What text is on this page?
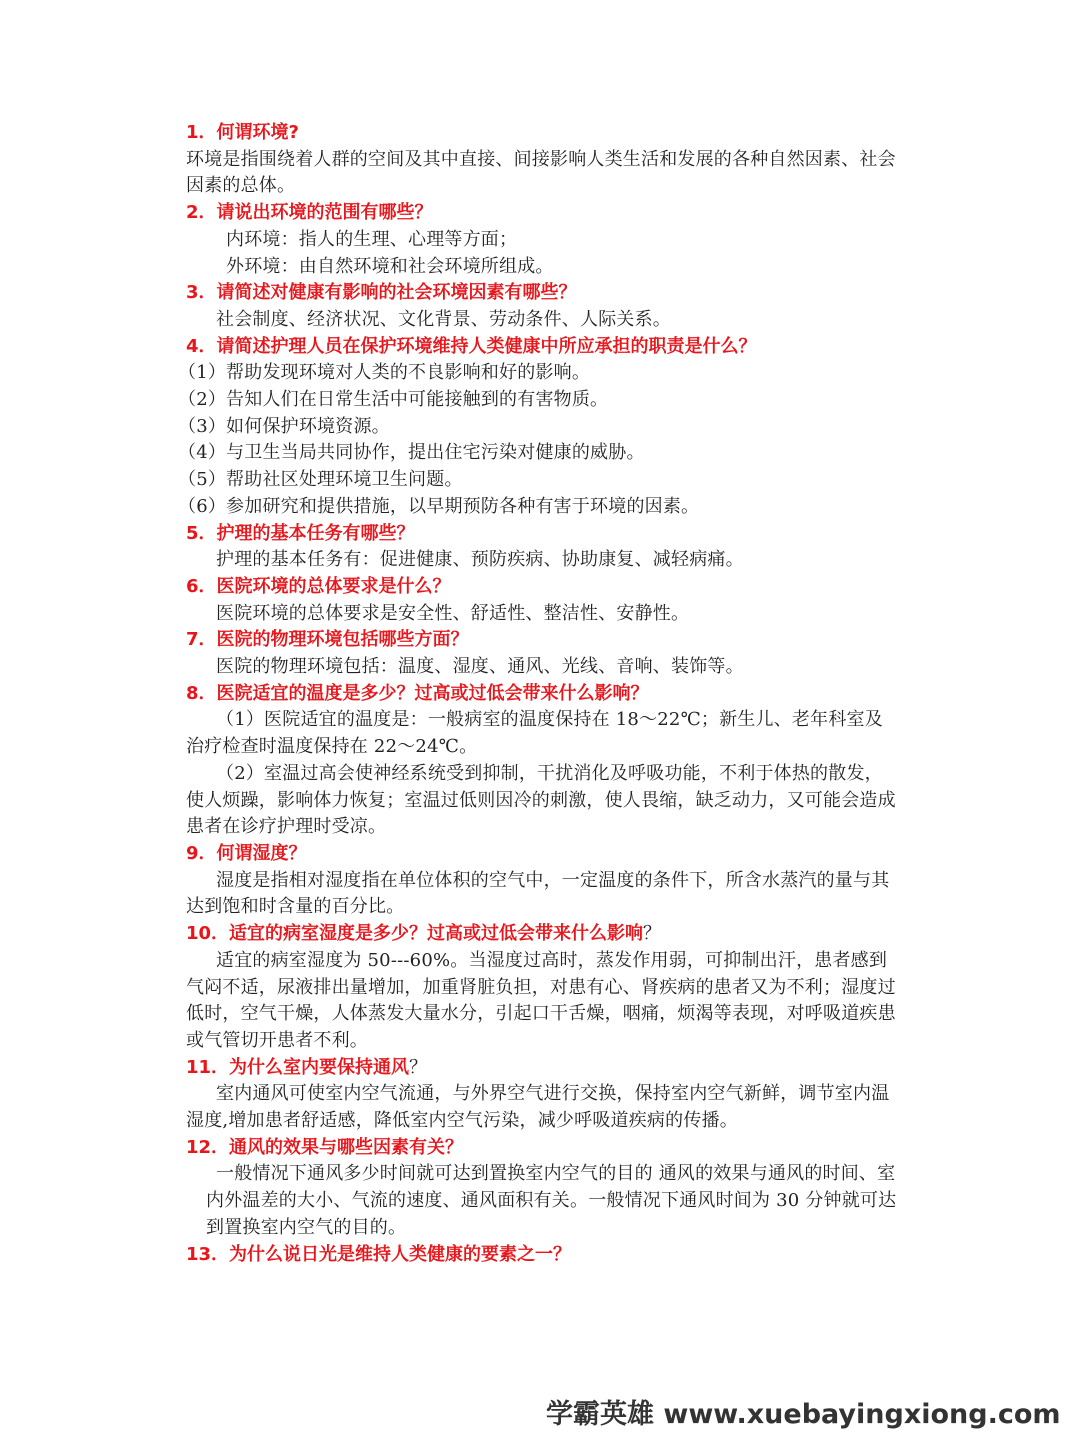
1．何谓环境?

环境是指围绕着人群的空间及其中直接、间接影响人类生活和发展的各种自然因素、社会因素的总体。

2．请说出环境的范围有哪些？

内环境：指人的生理、心理等方面；

外环境：由自然环境和社会环境所组成。

3．请简述对健康有影响的社会环境因素有哪些？

社会制度、经济状况、文化背景、劳动条件、人际关系。

4．请简述护理人员在保护环境维持人类健康中所应承担的职责是什么？

（1）帮助发现环境对人类的不良影响和好的影响。

（2）告知人们在日常生活中可能接触到的有害物质。

（3）如何保护环境资源。

（4）与卫生当局共同协作，提出住宅污染对健康的威胁。

（5）帮助社区处理环境卫生问题。

（6）参加研究和提供措施，以早期预防各种有害于环境的因素。

5．护理的基本任务有哪些？

护理的基本任务有：促进健康、预防疾病、协助康复、减轻病痛。

6．医院环境的总体要求是什么？

医院环境的总体要求是安全性、舒适性、整洁性、安静性。

7．医院的物理环境包括哪些方面？

医院的物理环境包括：温度、湿度、通风、光线、音响、装饰等。

8．医院适宜的温度是多少？过高或过低会带来什么影响？

（1）医院适宜的温度是：一般病室的温度保持在 18～22℃；新生儿、老年科室及治疗检查时温度保持在 22～24℃。

（2）室温过高会使神经系统受到抑制，干扰消化及呼吸功能，不利于体热的散发，使人烦躁，影响体力恢复；室温过低则因冷的刺激，使人畏缩，缺乏动力，又可能会造成患者在诊疗护理时受凉。

9．何谓湿度？

湿度是指相对湿度指在单位体积的空气中，一定温度的条件下，所含水蒸汽的量与其达到饱和时含量的百分比。

10．适宜的病室湿度是多少？过高或过低会带来什么影响？

适宜的病室湿度为 50---60%。当湿度过高时，蒸发作用弱，可抑制出汗，患者感到气闷不适，尿液排出量增加，加重肾脏负担，对患有心、肾疾病的患者又为不利；湿度过低时，空气干燥，人体蒸发大量水分，引起口干舌燥，咽痛，烦渴等表现，对呼吸道疾患或气管切开患者不利。

11．为什么室内要保持通风？

室内通风可使室内空气流通，与外界空气进行交换，保持室内空气新鲜，调节室内温湿度,增加患者舒适感，降低室内空气污染，减少呼吸道疾病的传播。

12．通风的效果与哪些因素有关？

一般情况下通风多少时间就可达到置换室内空气的目的 通风的效果与通风的时间、室内外温差的大小、气流的速度、通风面积有关。一般情况下通风时间为 30 分钟就可达到置换室内空气的目的。

13．为什么说日光是维持人类健康的要素之一？
学霸英雄 www.xuebayingxiong.com
